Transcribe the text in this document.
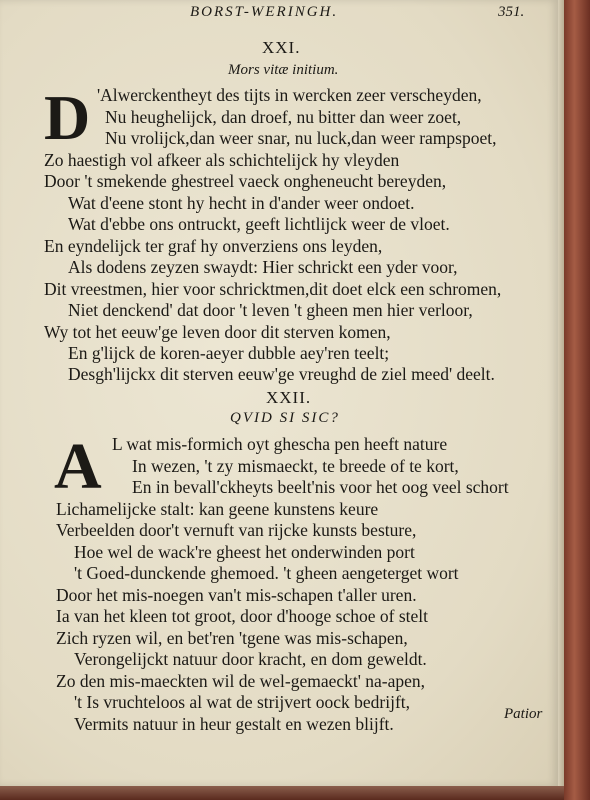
BORST-WERINGH.	351.
XXI.
Mors vitæ initium.
D 'Alwerckentheyt des tijts in wercken zeer verscheyden,
Nu heughelijck, dan droef, nu bitter dan weer zoet,
Nu vrolijck,dan weer snar, nu luck,dan weer rampspoet,
Zo haestigh vol afkeer als schichtelijck hy vleyden
Door 't smekende ghestreel vaeck ongheneucht bereyden,
Wat d'eene stont hy hecht in d'ander weer ondoet.
Wat d'ebbe ons ontruckt, geeft lichtlijck weer de vloet.
En eyndelijck ter graf hy onverziens ons leyden,
Als dodens zeyzen swaydt: Hier schrickt een yder voor,
Dit vreestmen, hier voor schricktmen,dit doet elck een schromen,
Niet denckend' dat door 't leven 't gheen men hier verloor,
Wy tot het eeuw'ge leven door dit sterven komen,
En g'lijck de koren-aeyer dubble aey'ren teelt;
Desgh'lijckx dit sterven eeuw'ge vreughd de ziel meed' deelt.
XXII.
QVID SI SIC?
A L wat mis-formich oyt ghescha pen heeft nature
In wezen, 't zy mismaeckt, te breede of te kort,
En in bevall'ckheyts beelt'nis voor het oog veel schort
Lichamelijcke stalt: kan geene kunstens keure
Verbeelden door't vernuft van rijcke kunsts besture,
Hoe wel de wack're gheest het onderwinden port
't Goed-dunckende ghemoed. 't gheen aengeterget wort
Door het mis-noegen van't mis-schapen t'aller uren.
Ia van het kleen tot groot, door d'hooge schoe of stelt
Zich ryzen wil, en bet'ren 'tgene was mis-schapen,
Verongelijckt natuur door kracht, en dom geweldt.
Zo den mis-maeckten wil de wel-gemaeckt' na-apen,
't Is vruchteloos al wat de strijvert oock bedrijft,
Vermits natuur in heur gestalt en wezen blijft.	Patior
